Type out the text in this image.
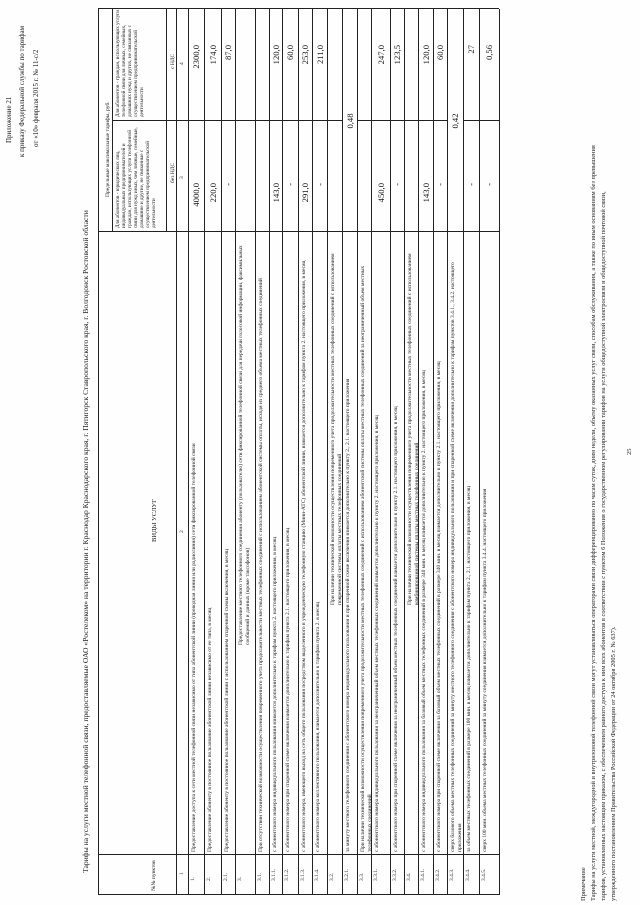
Приложение 21 к приказу Федеральной службы по тарифам от «10» февраля 2015 г. № 11-с/2
Тарифы на услуги местной телефонной связи, предоставляемые ОАО «Ростелеком» на территории г. Краснодар Краснодарского края, г. Пятигорск Ставропольского края, г. Волгодонск Ростовской области
№№ пунктов
ВИДЫ УСЛУГ
Предельные максимальные тарифы, руб. Для абонентов - юридических лиц, индивидуальных предпринимателей и граждан, использующих услуги телефонной связи для нужд иных, чем личные, семейные, домашние и другие, не связанные с осуществлением предпринимательской деятельности
Для абонентов - граждан, использующих услуги телефонной связи для личных, семейных, домашних нужд и других, не связанных с осуществлением предпринимательской деятельности
без НДС
с НДС
1
2
3
4
1.
Предоставление доступа к сети местной телефонной связи независимо от типа абонентской линии (проводная линия или радиолиния) сети фиксированной телефонной связи
4000,0
2300,0
2.
Предоставление абоненту в постоянное пользование абонентской линии независимо от ее типа, в месяц
220,0
174,0
2.1.
Предоставление абоненту в постоянное пользование абонентской линии с использованием спаренной схемы включения, в месяц
-
87,0
3.
Предоставление местного телефонного соединения абоненту (пользователю) сети фиксированной телефонной связи для передачи голосовой информации, факсимильных сообщений и данных (кроме таксофонов)
3.1.
При отсутствии технической возможности осуществления повременного учета продолжительности местных телефонных соединений с использованием абонентской системы оплаты, исходя из среднего объема местных телефонных соединений
3.1.1.
с абонентского номера индивидуального пользования взимается дополнительно к тарифам пункта 2. настоящего приложения, в месяц
143,0
120,0
3.1.2.
с абонентского номера при спаренной схеме включения взимается дополнительно к тарифам пункта 2.1. настоящего приложения, в месяц
-
60,0
3.1.3.
с абонентского номера, имеющего выход на сеть общего пользования посредством выделенного в учрежденческую телефонную станцию (Мини-АТС) абонентской линии, взимается дополнительно к тарифам пункта 2. настоящего приложения, в месяц
291,0
253,0
3.1.4.
с абонентского номера коллективного пользования, взимается дополнительно к тарифам пункта 2. в месяц
-
211,0
3.2.
При наличии технической возможности осуществления повременного учета продолжительности местных телефонных соединений с использованием повременной системы оплаты местных телефонных соединений
3.2.1.
за минуту местного телефонного соединения с абонентского номера индивидуального пользования и при спаренной схеме включения взимается дополнительно к пункту 2., 2.1. настоящего приложения
0,48
3.3.
При наличии технической возможности осуществления повременного учета продолжительности местных телефонных соединений с использованием абонентской системы оплаты местных телефонных соединений за неограниченный объем местных телефонных соединений
3.3.1.
с абонентского номера индивидуального пользования за неограниченный объем местных телефонных соединений взимается дополнительно к пункту 2. настоящего приложения, в месяц
450,0
247,0
3.3.2.
с абонентского номера при спаренной схеме включения за неограниченный объем местных телефонных соединений взимается дополнительно к пункту 2.1. настоящего приложения, в месяц
-
123,5
3.4.
При наличии технической возможности осуществления повременного учета продолжительности местных телефонных соединений с использованием комбинированной системы оплаты местных телефонных соединений
3.4.1.
с абонентского номера индивидуального пользования за базовый объем местных телефонных соединений в размере 340 мин. в месяц взимается дополнительно к пункту 2. настоящего приложения, в месяц
143,0
120,0
3.4.2.
с абонентского номера при спаренной схеме включения за базовый объем местных телефонных соединений в размере 340 мин. в месяц взимается дополнительно к пункту 2.1. настоящего приложения, в месяц
-
60,0
3.4.3.
сверх базового объема местных телефонных соединений за минуту местного телефонного соединения с абонентского номера индивидуального пользования и при спаренной схеме включения дополнительно к тарифам пунктов 3.4.1., 3.4.2. настоящего приложения
0,42
3.4.4.
за объем местных телефонных соединений в размере 100 мин. в месяц взимается дополнительно к тарифам пункта 2., 2.1. настоящего приложения, в месяц
-
27
3.4.5.
сверх 100 мин. объема местных телефонных соединений за минуту соединения взимается дополнительно к тарифам пункта 3.4.4. настоящего приложения
-
0,56
Примечание Тарифы на услуги местной, междугородной и внутризоновой телефонной связи могут устанавливаться операторами связи дифференцированно по часам суток, дням недели, объему оказанных услуг связи, способам обслуживания, а также по иным основаниям без превышения тарифов, установленных настоящим приказом, с обеспечением равного доступа к ним всех абонентов в соответствии с пунктом 6 Положения о государственном регулировании тарифов на услуги общедоступной электросвязи и общедоступной почтовой связи, утвержденного постановлением Правительства Российской Федерации от 24 октября 2005 г. № 637).
25
